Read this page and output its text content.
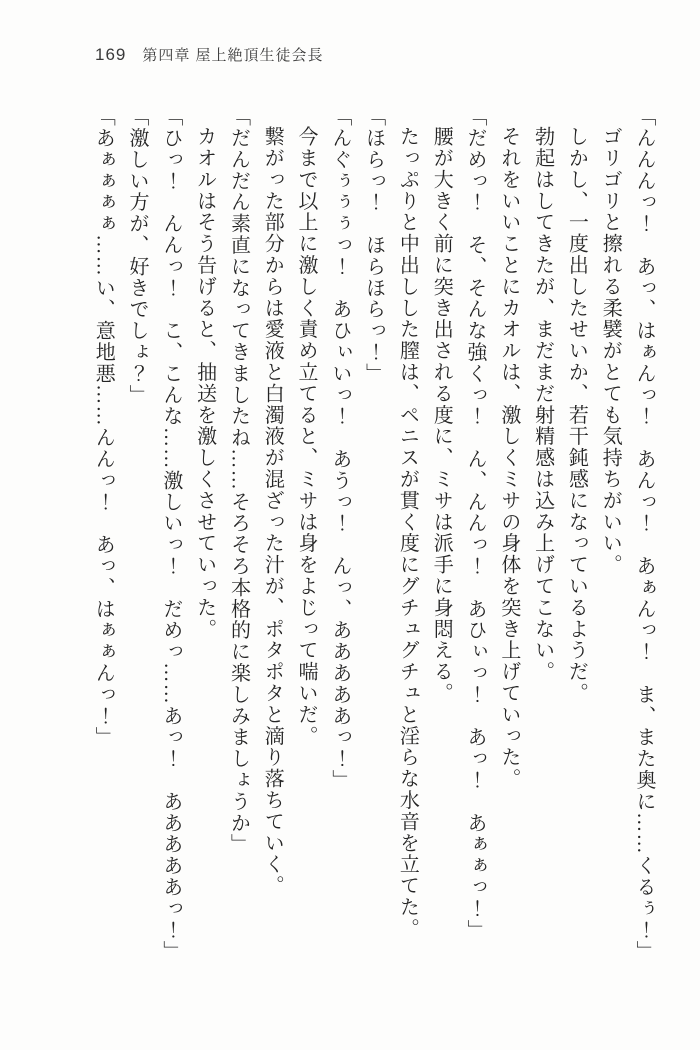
169 第四章 屋上絶頂生徒会長

「んんんっ！　あっ、はぁんっ！　あんっ！　あぁんっ！　ま、また奥に……くるぅ！」

ゴリゴリと擦れる柔襞がとても気持ちがいい。

しかし、一度出したせいか、若干鈍感になっているようだ。

勃起はしてきたが、まだまだ射精感は込み上げてこない。

それをいいことにカオルは、激しくミサの身体を突き上げていった。

「だめっ！　そ、そんな強くっ！　ん、んんっ！　あひぃっ！　あっ！　あぁぁっ！」

腰が大きく前に突き出される度に、ミサは派手に身悶える。

たっぷりと中出しした膣は、ペニスが貫く度にグチュグチュと淫らな水音を立てた。

「ほらっ！　ほらほらっ！」

「んぐぅぅぅっ！　あひぃいっ！　あうっ！　んっ、あああああっ！」

今まで以上に激しく責め立てると、ミサは身をよじって喘いだ。

繋がった部分からは愛液と白濁液が混ざった汁が、ポタポタと滴り落ちていく。

「だんだん素直になってきましたね……そろそろ本格的に楽しみましょうか」

カオルはそう告げると、抽送を激しくさせていった。

「ひっ！　んんっ！　こ、こんな……激しいっ！　だめっ……あっ！　あああああっ！」

「激しい方が、好きでしょ？」

「あぁぁぁぁ……い、意地悪……んんっ！　あっ、はぁぁんっ！」
